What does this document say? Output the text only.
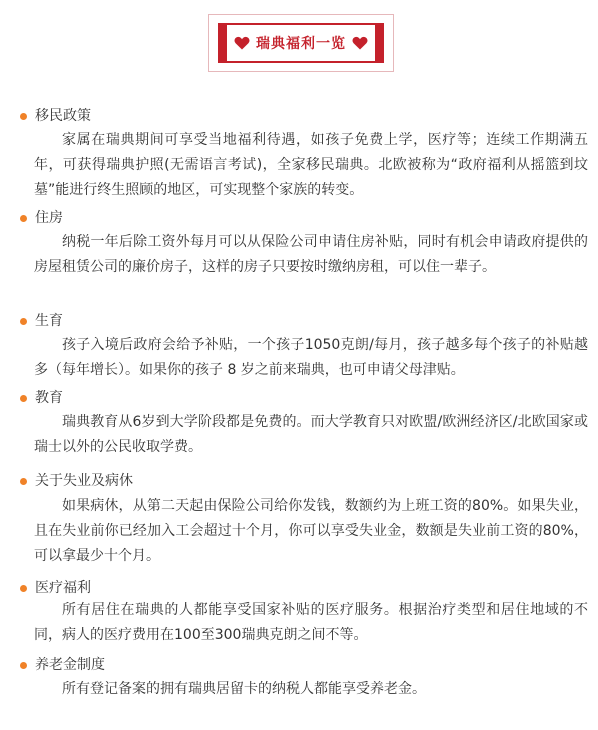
瑞典福利一览
移民政策
家属在瑞典期间可享受当地福利待遇，如孩子免费上学，医疗等；连续工作期满五年，可获得瑞典护照(无需语言考试)，全家移民瑞典。北欧被称为“政府福利从摇篮到坟墓”能进行终生照顾的地区，可实现整个家族的转变。
住房
纳税一年后除工资外每月可以从保险公司申请住房补贴，同时有机会申请政府提供的房屋租赁公司的廉价房子，这样的房子只要按时缴纳房租，可以住一辈子。
生育
孩子入境后政府会给予补贴，一个孩子1050克朗/每月，孩子越多每个孩子的补贴越多（每年增长）。如果你的孩子 8 岁之前来瑞典，也可申请父母津贴。
教育
瑞典教育从6岁到大学阶段都是免费的。而大学教育只对欧盟/欧洲经济区/北欧国家或瑞士以外的公民收取学费。
关于失业及病休
如果病休，从第二天起由保险公司给你发钱，数额约为上班工资的80%。如果失业，且在失业前你已经加入工会超过十个月，你可以享受失业金，数额是失业前工资的80%，可以拿最少十个月。
医疗福利
所有居住在瑞典的人都能享受国家补贴的医疗服务。根据治疗类型和居住地域的不同，病人的医疗费用在100至300瑞典克朗之间不等。
养老金制度
所有登记备案的拥有瑞典居留卡的纳税人都能享受养老金。
